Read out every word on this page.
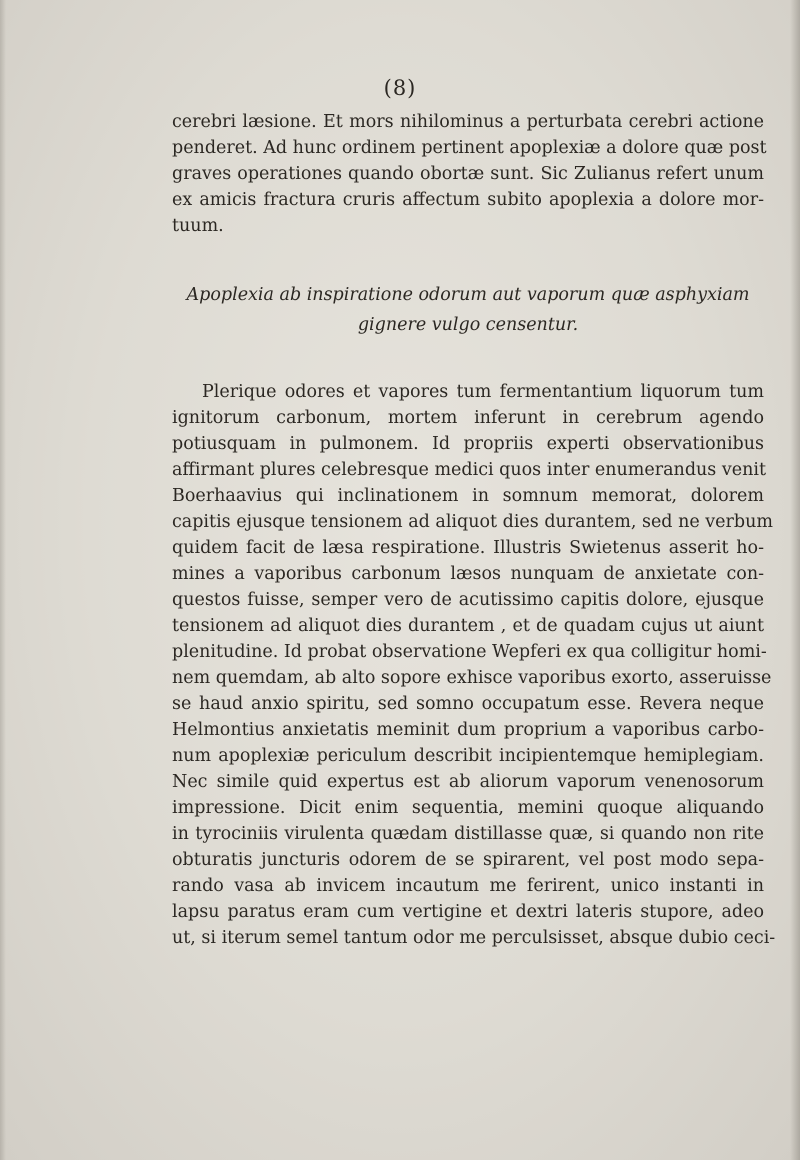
(8)
cerebri læsione. Et mors nihilominus a perturbata cerebri actione
penderet. Ad hunc ordinem pertinent apoplexiæ a dolore quæ post
graves operationes quando obortæ sunt. Sic Zulianus refert unum
ex amicis fractura cruris affectum subito apoplexia a dolore mor-
tuum.
Apoplexia ab inspiratione odorum aut vaporum quæ asphyxiam
gignere vulgo censentur.
Plerique odores et vapores tum fermentantium liquorum tum
ignitorum carbonum, mortem inferunt in cerebrum agendo
potiusquam in pulmonem. Id propriis experti observationibus
affirmant plures celebresque medici quos inter enumerandus venit
Boerhaavius qui inclinationem in somnum memorat, dolorem
capitis ejusque tensionem ad aliquot dies durantem, sed ne verbum
quidem facit de læsa respiratione. Illustris Swietenus asserit ho-
mines a vaporibus carbonum læsos nunquam de anxietate con-
questos fuisse, semper vero de acutissimo capitis dolore, ejusque
tensionem ad aliquot dies durantem , et de quadam cujus ut aiunt
plenitudine. Id probat observatione Wepferi ex qua colligitur homi-
nem quemdam, ab alto sopore exhisce vaporibus exorto, asseruisse
se haud anxio spiritu, sed somno occupatum esse. Revera neque
Helmontius anxietatis meminit dum proprium a vaporibus carbo-
num apoplexiæ periculum describit incipientemque hemiplegiam.
Nec simile quid expertus est ab aliorum vaporum venenosorum
impressione. Dicit enim sequentia, memini quoque aliquando
in tyrociniis virulenta quædam distillasse quæ, si quando non rite
obturatis juncturis odorem de se spirarent, vel post modo sepa-
rando vasa ab invicem incautum me ferirent, unico instanti in
lapsu paratus eram cum vertigine et dextri lateris stupore, adeo
ut, si iterum semel tantum odor me perculsisset, absque dubio ceci-
